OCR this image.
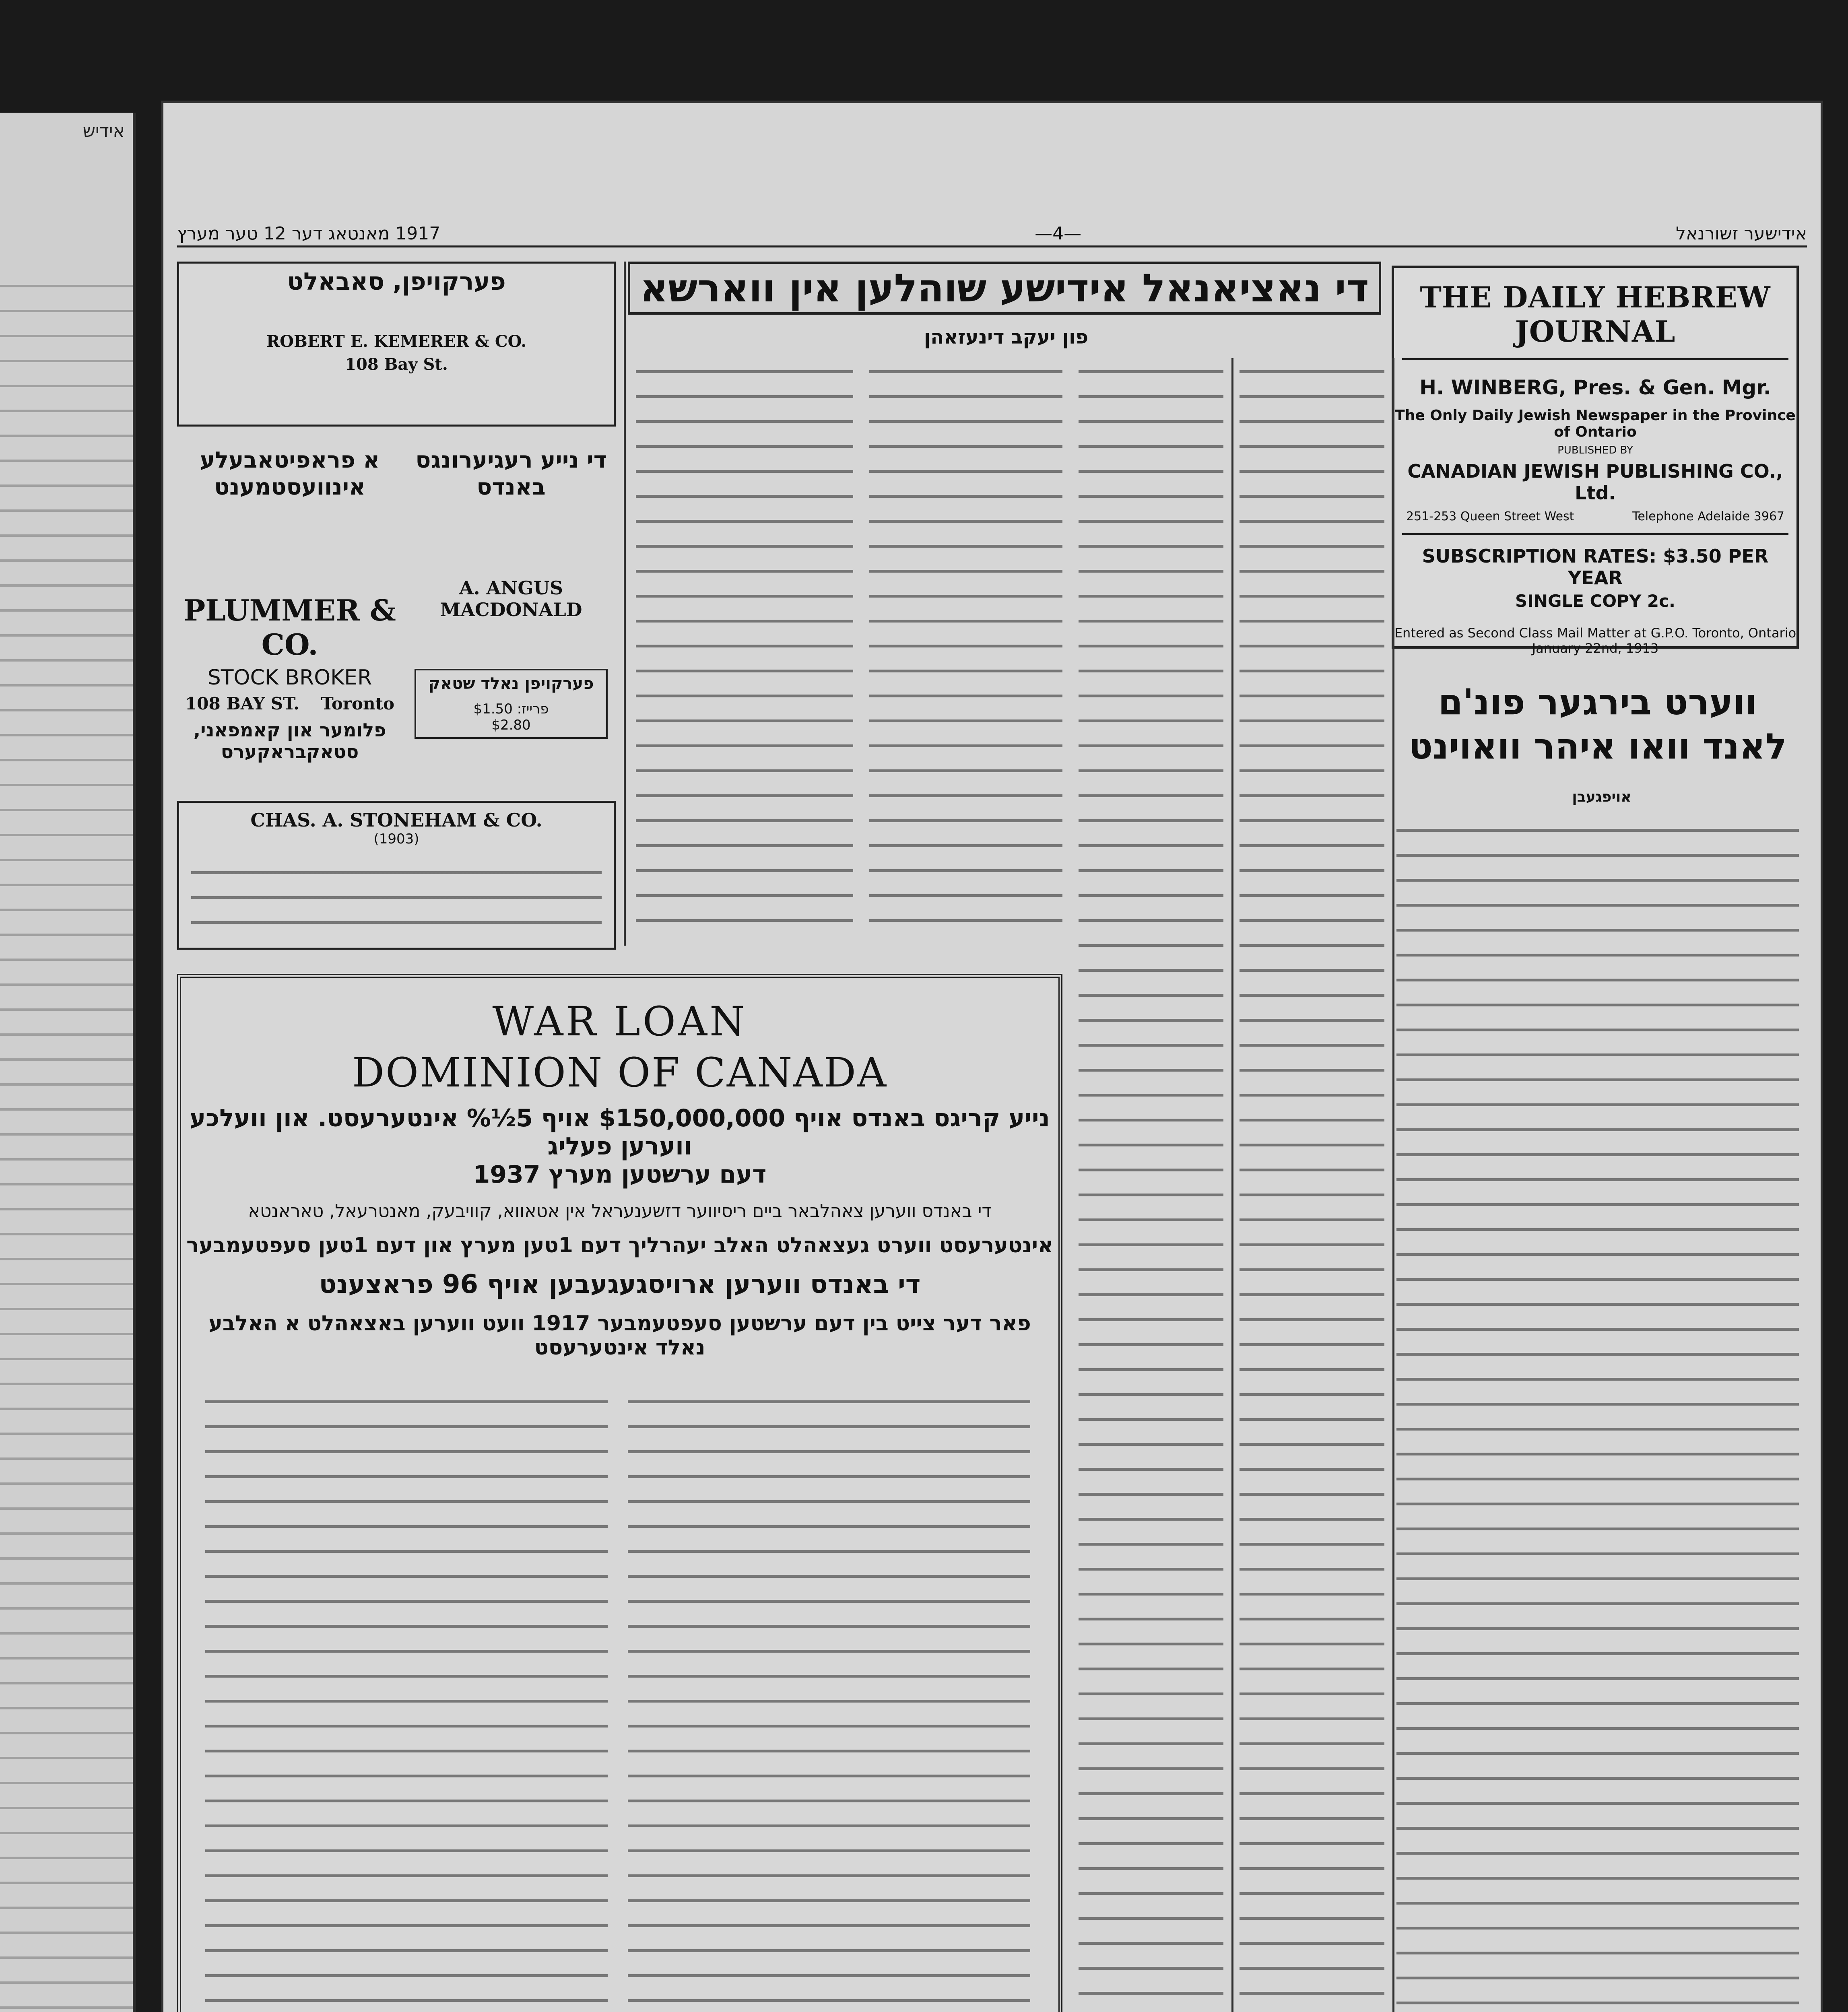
אידיש
1917 מאנטאג דער 12 טער מערץ	—4—	אידישער זשורנאל
THE DAILY HEBREW JOURNAL
H. WINBERG, Pres. & Gen. Mgr.
The Only Daily Jewish Newspaper in the Province of Ontario
PUBLISHED BY
CANADIAN JEWISH PUBLISHING CO., Ltd.
251-253 Queen Street West	Telephone Adelaide 3967
SUBSCRIPTION RATES: $3.50 PER YEAR
SINGLE COPY 2c.
Entered as Second Class Mail Matter at G.P.O. Toronto, Ontario
January 22nd, 1913
די נאציאנאל אידישע שוהלען אין ווארשא
פון יעקב דינעזאהן
ווערט בירגער פונ'ם לאנד וואו איהר וואוינט
אויפגעבן
פערקויפן, סאבאלט
ROBERT E. KEMERER & CO.
108 Bay St.
א פראפיטאבעלע אינוועסטמענט
PLUMMER & CO.
STOCK BROKER
108 BAY ST. Toronto
פלומער און קאמפאני, סטאקבראקערס
די נייע רעגיערונגס באנדס
A. ANGUS MACDONALD
פערקויפן נאלד שטאק
פרייז: $1.50
$2.80
CHAS. A. STONEHAM & CO.
(1903)
WAR LOAN
DOMINION OF CANADA
נייע קריגס באנדס אויף $150,000,000 אויף 5½% אינטערעסט. און וועלכע ווערען פעליג
דעם ערשטען מערץ 1937
די באנדס ווערען צאהלבאר ביים ריסיווער דזשענעראל אין אטאווא, קוויבעק, מאנטרעאל, טאראנטא
אינטערעסט ווערט געצאהלט האלב יעהרליך דעם 1טען מערץ און דעם 1טען סעפטעמבער
די באנדס ווערען ארויסגעגעבען אויף 96 פראצענט
פאר דער צייט בין דעם ערשטען סעפטעמבער 1917 וועט ווערען באצאהלט א האלבע נאלד אינטערעסט
